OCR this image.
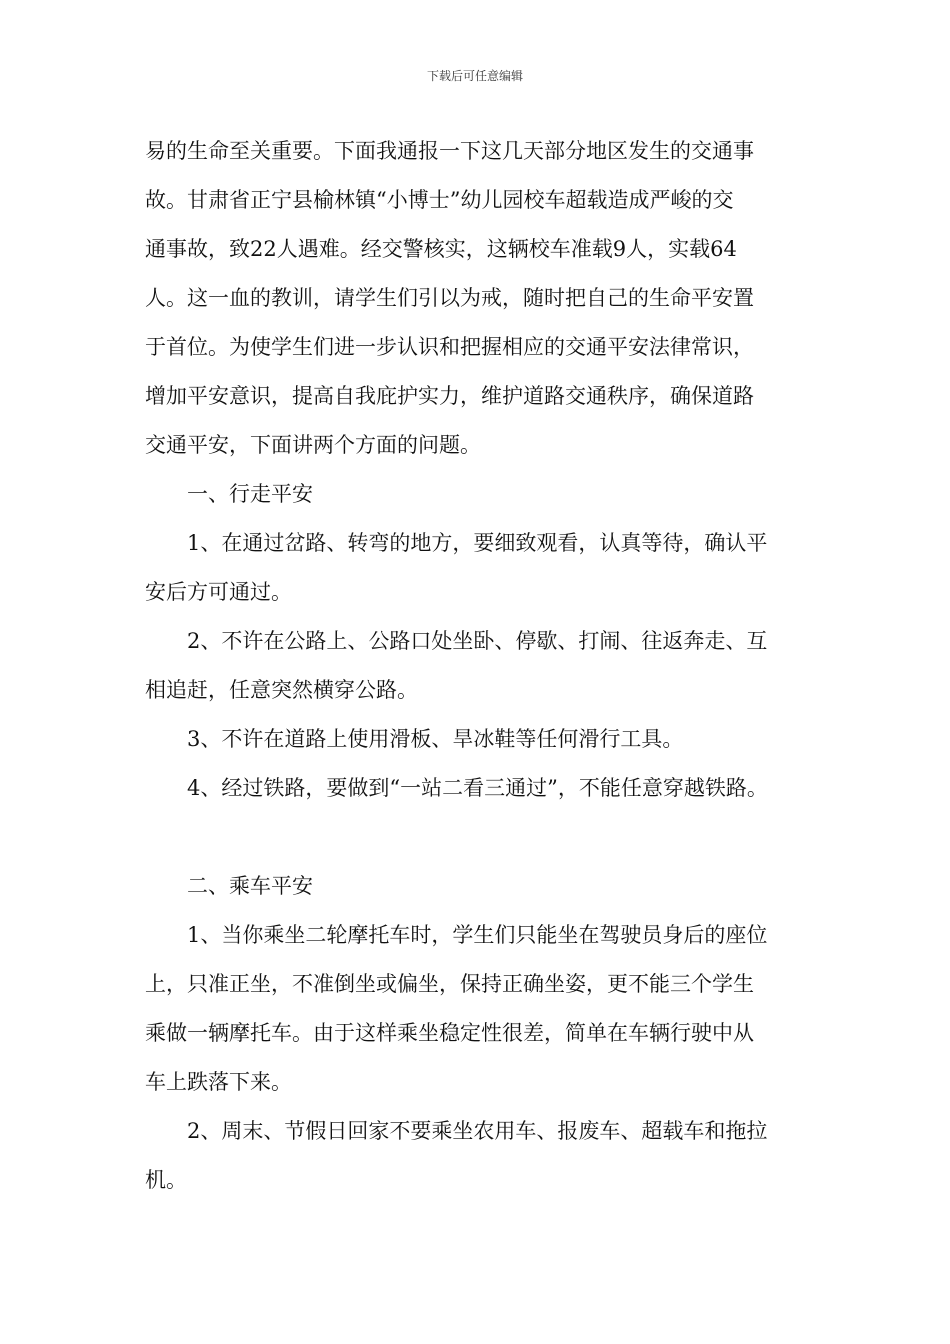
下载后可任意编辑
易的生命至关重要。下面我通报一下这几天部分地区发生的交通事
故。甘肃省正宁县榆林镇“小博士”幼儿园校车超载造成严峻的交
通事故，致22人遇难。经交警核实，这辆校车准载9人，实载64
人。这一血的教训，请学生们引以为戒，随时把自己的生命平安置
于首位。为使学生们进一步认识和把握相应的交通平安法律常识，
增加平安意识，提高自我庇护实力，维护道路交通秩序，确保道路
交通平安，下面讲两个方面的问题。
一、行走平安
1、在通过岔路、转弯的地方，要细致观看，认真等待，确认平
安后方可通过。
2、不许在公路上、公路口处坐卧、停歇、打闹、往返奔走、互
相追赶，任意突然横穿公路。
3、不许在道路上使用滑板、旱冰鞋等任何滑行工具。
4、经过铁路，要做到“一站二看三通过”，不能任意穿越铁路。
二、乘车平安
1、当你乘坐二轮摩托车时，学生们只能坐在驾驶员身后的座位
上，只准正坐，不准倒坐或偏坐，保持正确坐姿，更不能三个学生
乘做一辆摩托车。由于这样乘坐稳定性很差，简单在车辆行驶中从
车上跌落下来。
2、周末、节假日回家不要乘坐农用车、报废车、超载车和拖拉
机。
